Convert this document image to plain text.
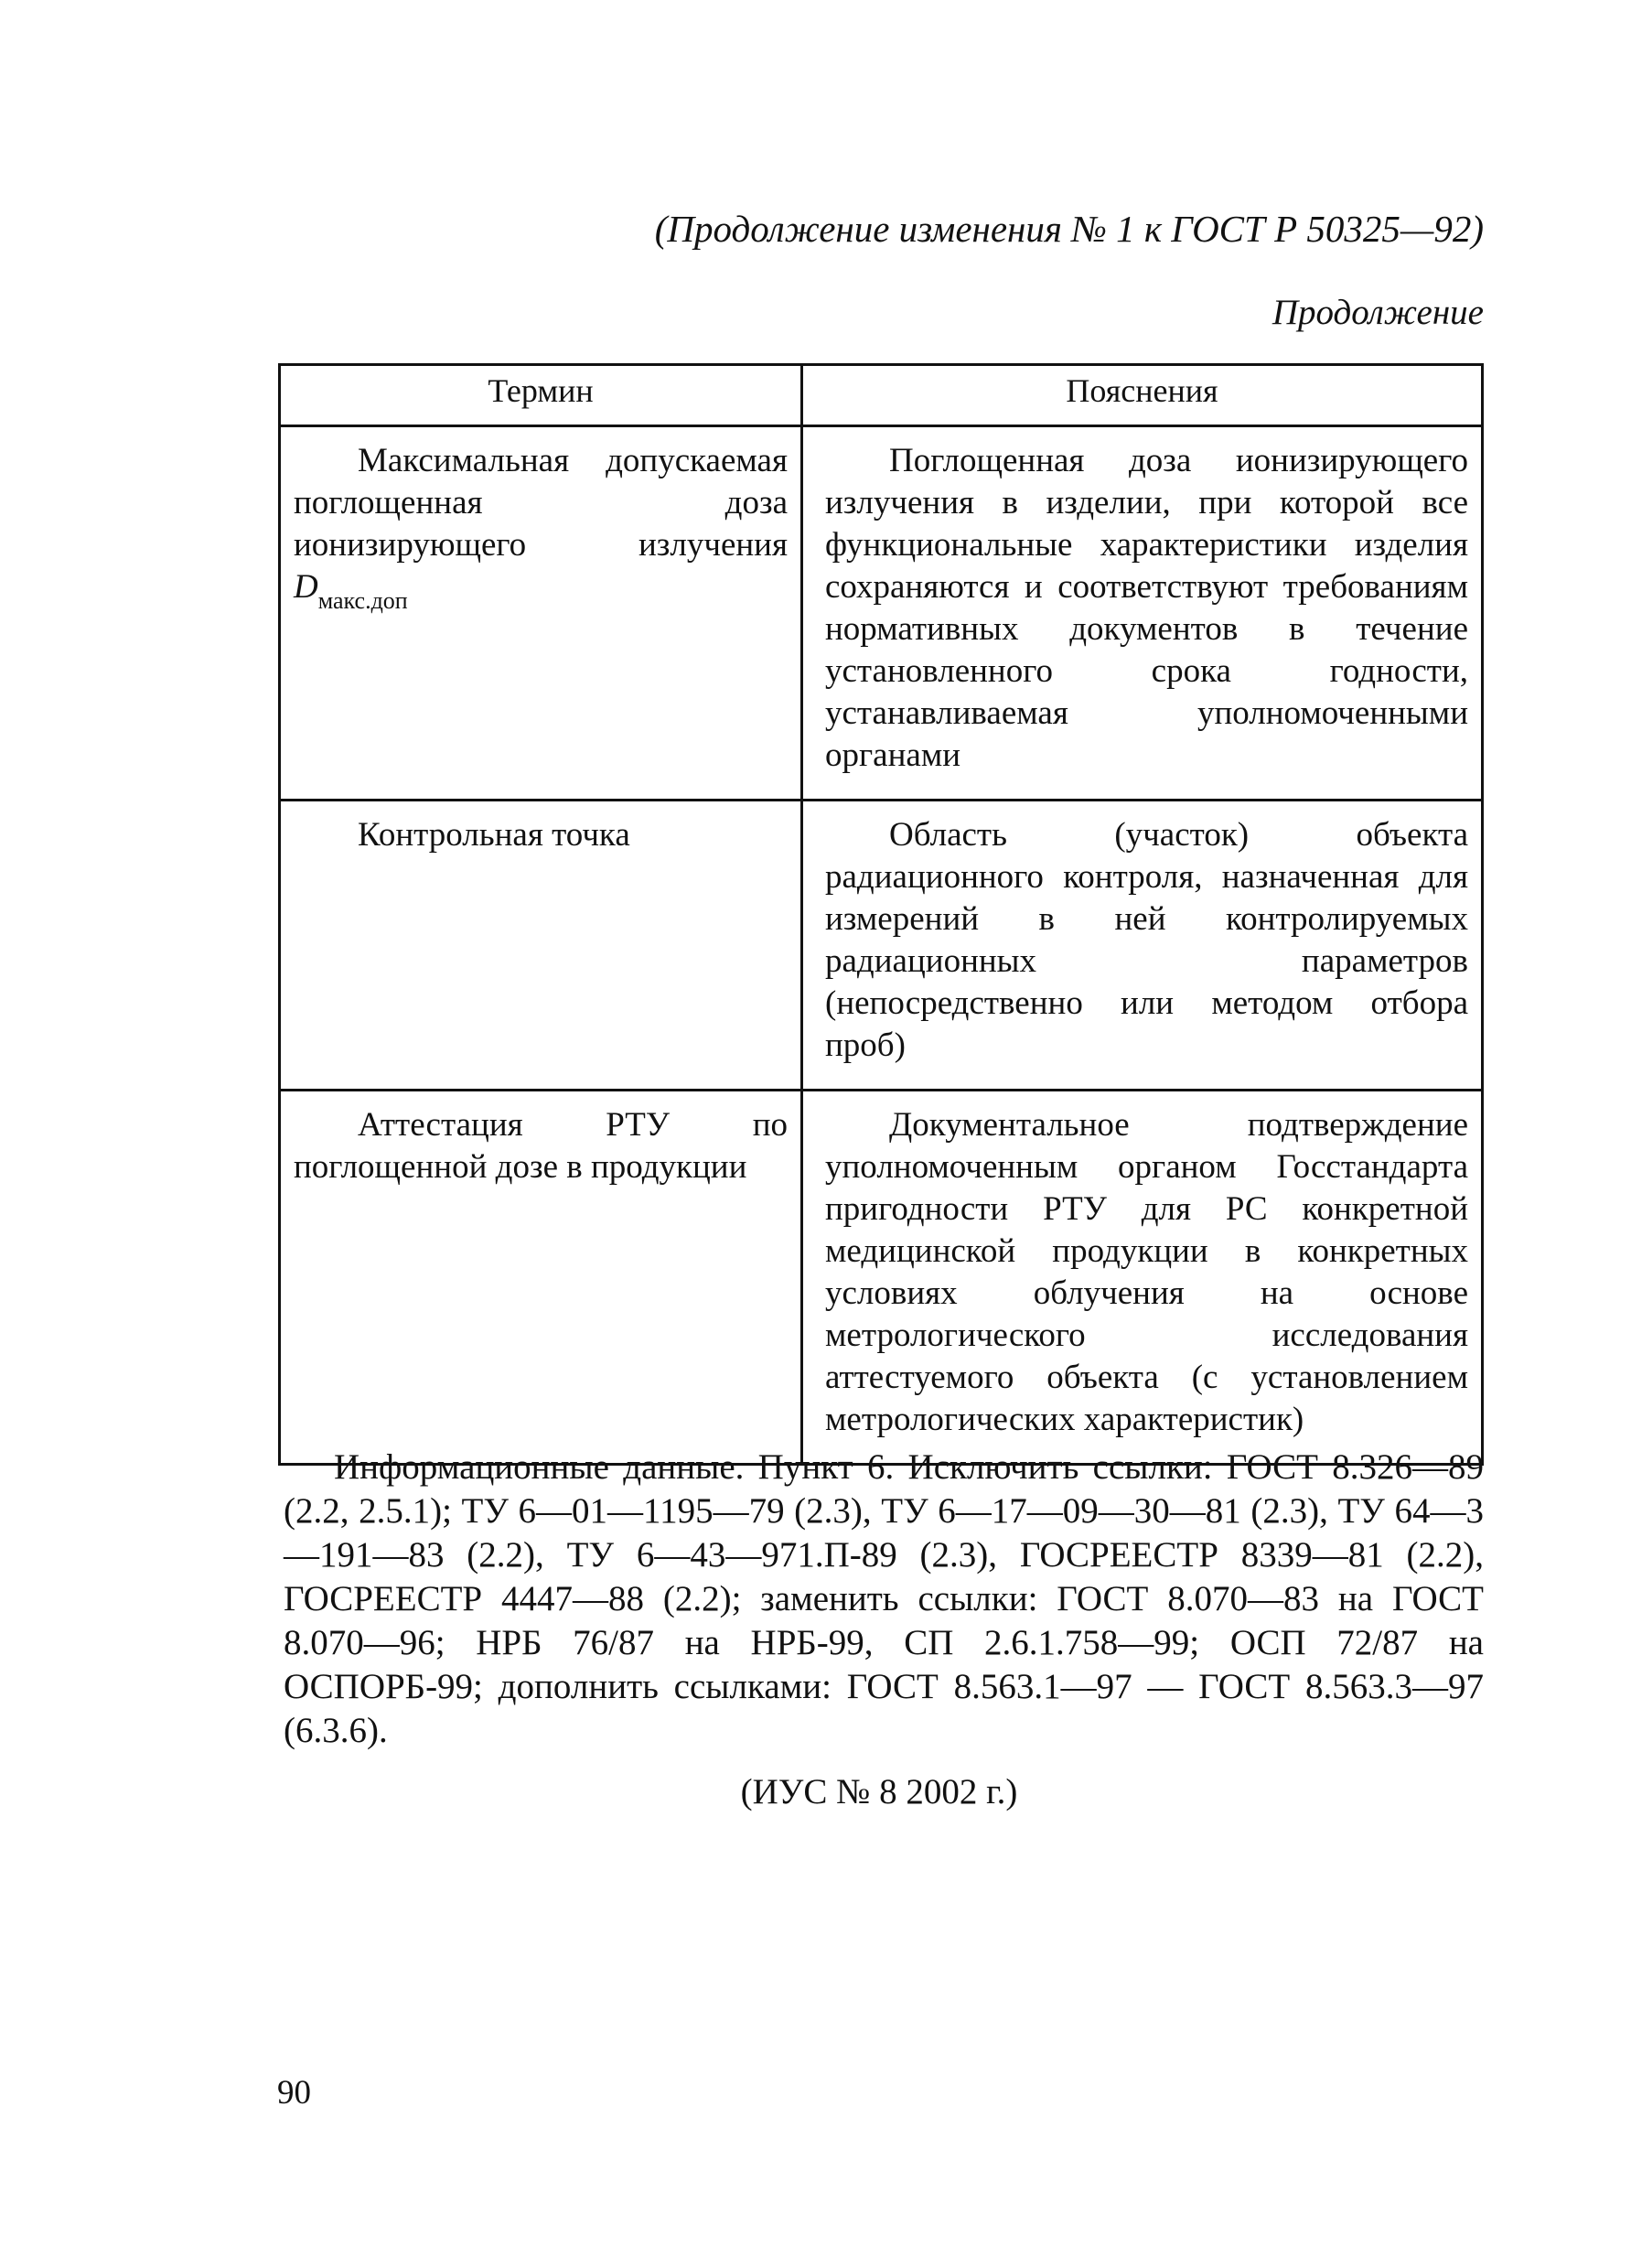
(Продолжение изменения № 1 к ГОСТ Р 50325—92)
Продолжение
Термин	Пояснения

Максимальная допускаемая поглощенная доза ионизирующего излучения $D_{макс.доп}$	Поглощенная доза ионизирующего излучения в изделии, при которой все функциональные характеристики изделия сохраняются и соответствуют требованиям нормативных документов в течение установленного срока годности, устанавливаемая уполномоченными органами

Контрольная точка	Область (участок) объекта радиационного контроля, назначенная для измерений в ней контролируемых радиационных параметров (непосредственно или методом отбора проб)

Аттестация РТУ по поглощенной дозе в продукции	Документальное подтверждение уполномоченным органом Госстандарта пригодности РТУ для РС конкретной медицинской продукции в конкретных условиях облучения на основе метрологического исследования аттестуемого объекта (с установлением метрологических характеристик)

Информационные данные. Пункт 6. Исключить ссылки: ГОСТ 8.326—89 (2.2, 2.5.1); ТУ 6—01—1195—79 (2.3), ТУ 6—17—09—30—81 (2.3), ТУ 64—3—191—83 (2.2), ТУ 6—43—971.П-89 (2.3), ГОСРЕЕСТР 8339—81 (2.2), ГОСРЕЕСТР 4447—88 (2.2); заменить ссылки: ГОСТ 8.070—83 на ГОСТ 8.070—96; НРБ 76/87 на НРБ-99, СП 2.6.1.758—99; ОСП 72/87 на ОСПОРБ-99; дополнить ссылками: ГОСТ 8.563.1—97 — ГОСТ 8.563.3—97 (6.3.6).

(ИУС № 8 2002 г.)
90
